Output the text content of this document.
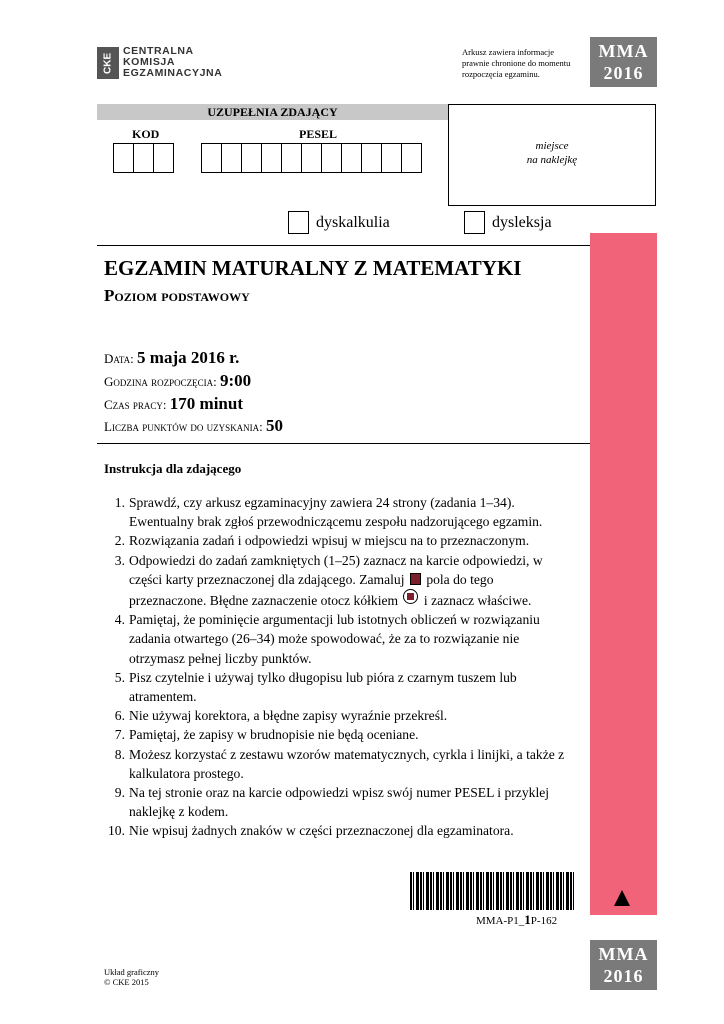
CKE
CENTRALNA
KOMISJA
EGZAMINACYJNA
Arkusz zawiera informacje
prawnie chronione do momentu
rozpoczęcia egzaminu.
MMA
2016
UZUPEŁNIA ZDAJĄCY
KOD	PESEL
miejsce
na naklejkę
dyskalkulia	dysleksja
EGZAMIN MATURALNY Z MATEMATYKI
Poziom podstawowy
Data: 5 maja 2016 r.
Godzina rozpoczęcia: 9:00
Czas pracy: 170 minut
Liczba punktów do uzyskania: 50
Instrukcja dla zdającego
1. Sprawdź, czy arkusz egzaminacyjny zawiera 24 strony (zadania 1–34). Ewentualny brak zgłoś przewodniczącemu zespołu nadzorującego egzamin.
2. Rozwiązania zadań i odpowiedzi wpisuj w miejscu na to przeznaczonym.
3. Odpowiedzi do zadań zamkniętych (1–25) zaznacz na karcie odpowiedzi, w części karty przeznaczonej dla zdającego. Zamaluj pola do tego przeznaczone. Błędne zaznaczenie otocz kółkiem i zaznacz właściwe.
4. Pamiętaj, że pominięcie argumentacji lub istotnych obliczeń w rozwiązaniu zadania otwartego (26–34) może spowodować, że za to rozwiązanie nie otrzymasz pełnej liczby punktów.
5. Pisz czytelnie i używaj tylko długopisu lub pióra z czarnym tuszem lub atramentem.
6. Nie używaj korektora, a błędne zapisy wyraźnie przekreśl.
7. Pamiętaj, że zapisy w brudnopisie nie będą oceniane.
8. Możesz korzystać z zestawu wzorów matematycznych, cyrkla i linijki, a także z kalkulatora prostego.
9. Na tej stronie oraz na karcie odpowiedzi wpisz swój numer PESEL i przyklej naklejkę z kodem.
10. Nie wpisuj żadnych znaków w części przeznaczonej dla egzaminatora.
MMA-P1_1P-162
MMA
2016
Układ graficzny
© CKE 2015
